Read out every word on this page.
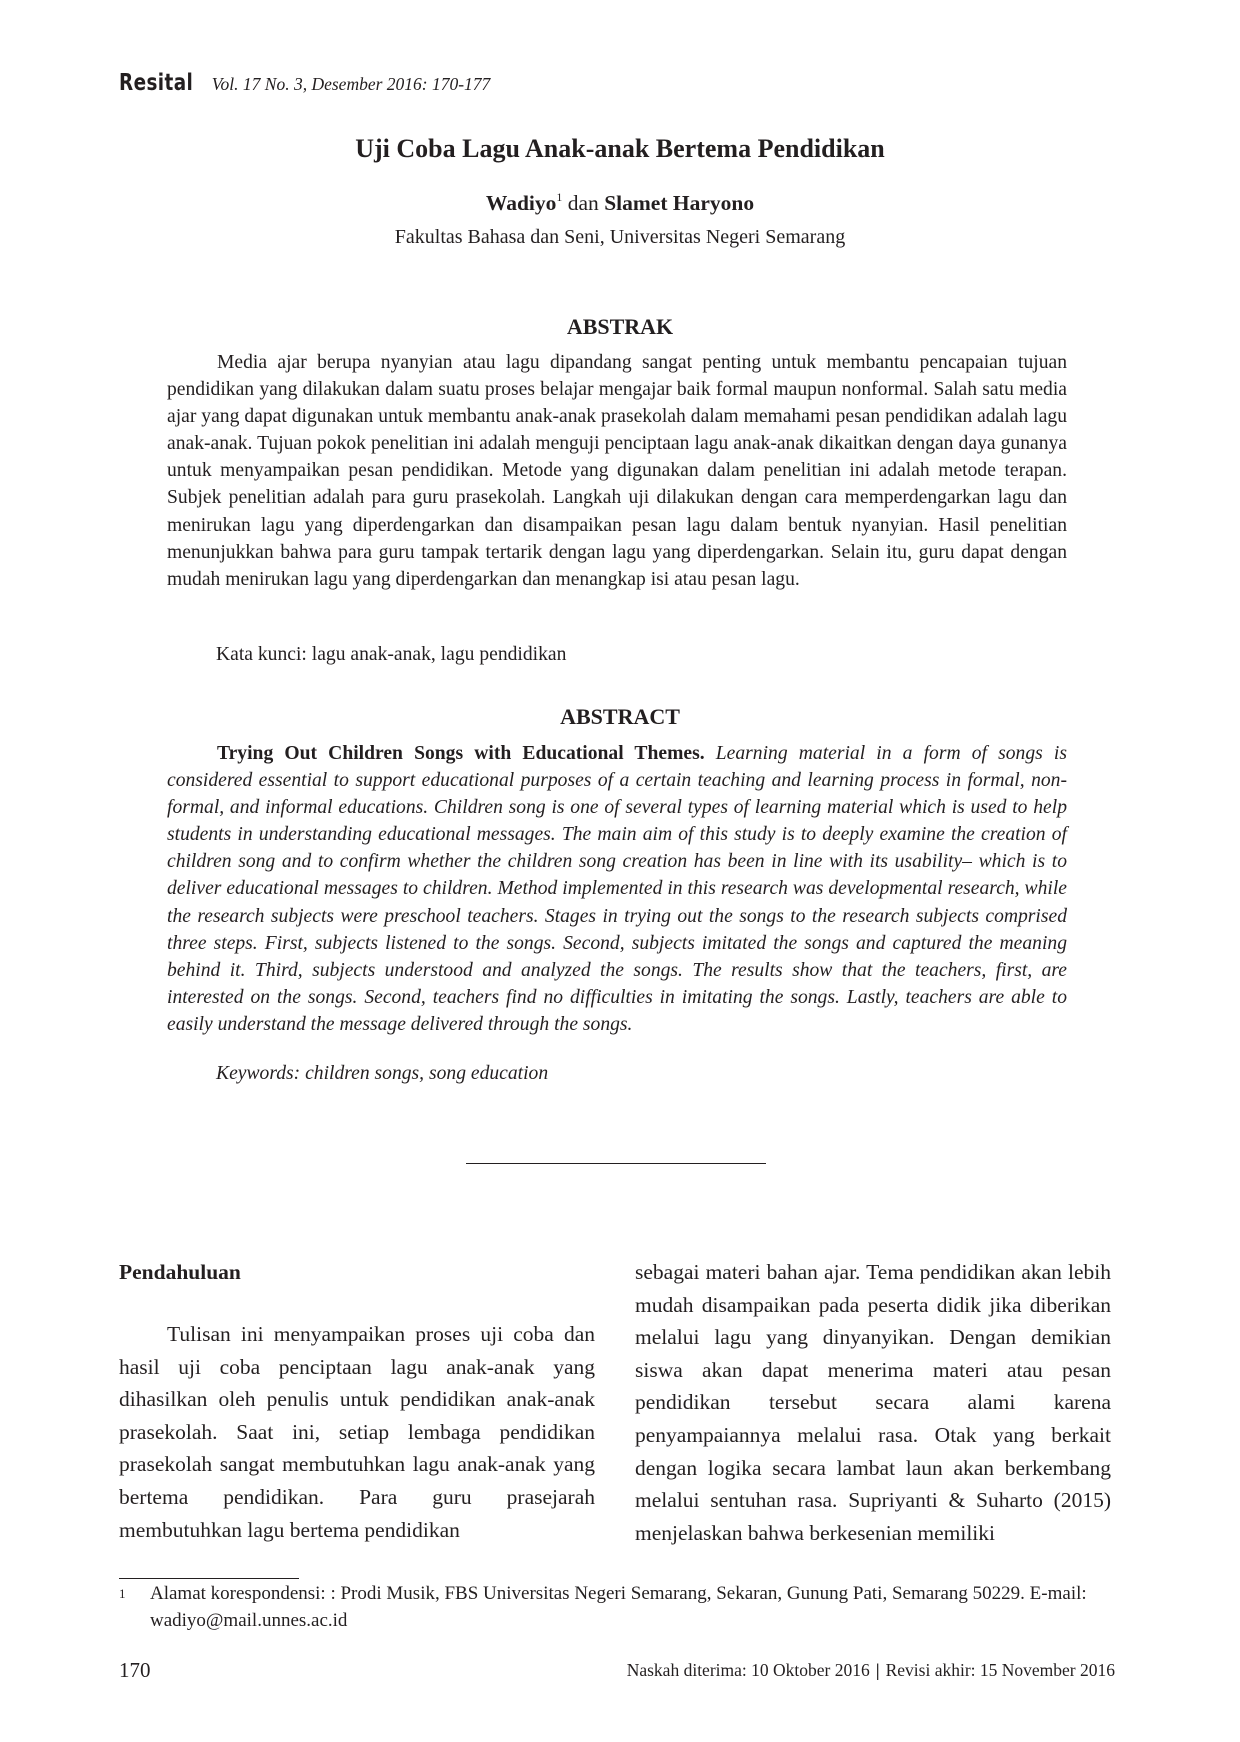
Resital Vol. 17 No. 3, Desember 2016: 170-177
Uji Coba Lagu Anak-anak Bertema Pendidikan
Wadiyo$^1$ dan Slamet Haryono
Fakultas Bahasa dan Seni, Universitas Negeri Semarang
ABSTRAK

Media ajar berupa nyanyian atau lagu dipandang sangat penting untuk membantu pencapaian tujuan pendidikan yang dilakukan dalam suatu proses belajar mengajar baik formal maupun nonformal. Salah satu media ajar yang dapat digunakan untuk membantu anak-anak prasekolah dalam memahami pesan pendidikan adalah lagu anak-anak. Tujuan pokok penelitian ini adalah menguji penciptaan lagu anak-anak dikaitkan dengan daya gunanya untuk menyampaikan pesan pendidikan. Metode yang digunakan dalam penelitian ini adalah metode terapan. Subjek penelitian adalah para guru prasekolah. Langkah uji dilakukan dengan cara memperdengarkan lagu dan menirukan lagu yang diperdengarkan dan disampaikan pesan lagu dalam bentuk nyanyian. Hasil penelitian menunjukkan bahwa para guru tampak tertarik dengan lagu yang diperdengarkan. Selain itu, guru dapat dengan mudah menirukan lagu yang diperdengarkan dan menangkap isi atau pesan lagu.

Kata kunci: lagu anak-anak, lagu pendidikan
ABSTRACT

Trying Out Children Songs with Educational Themes. Learning material in a form of songs is considered essential to support educational purposes of a certain teaching and learning process in formal, non-formal, and informal educations. Children song is one of several types of learning material which is used to help students in understanding educational messages. The main aim of this study is to deeply examine the creation of children song and to confirm whether the children song creation has been in line with its usability– which is to deliver educational messages to children. Method implemented in this research was developmental research, while the research subjects were preschool teachers. Stages in trying out the songs to the research subjects comprised three steps. First, subjects listened to the songs. Second, subjects imitated the songs and captured the meaning behind it. Third, subjects understood and analyzed the songs. The results show that the teachers, first, are interested on the songs. Second, teachers find no difficulties in imitating the songs. Lastly, teachers are able to easily understand the message delivered through the songs.

Keywords: children songs, song education
Pendahuluan

Tulisan ini menyampaikan proses uji coba dan hasil uji coba penciptaan lagu anak-anak yang dihasilkan oleh penulis untuk pendidikan anak-anak prasekolah. Saat ini, setiap lembaga pendidikan prasekolah sangat membutuhkan lagu anak-anak yang bertema pendidikan. Para guru prasejarah membutuhkan lagu bertema pendidikan

sebagai materi bahan ajar. Tema pendidikan akan lebih mudah disampaikan pada peserta didik jika diberikan melalui lagu yang dinyanyikan. Dengan demikian siswa akan dapat menerima materi atau pesan pendidikan tersebut secara alami karena penyampaiannya melalui rasa. Otak yang berkait dengan logika secara lambat laun akan berkembang melalui sentuhan rasa. Supriyanti & Suharto (2015) menjelaskan bahwa berkesenian memiliki

1 Alamat korespondensi: : Prodi Musik, FBS Universitas Negeri Semarang, Sekaran, Gunung Pati, Semarang 50229. E-mail: wadiyo@mail.unnes.ac.id
170	Naskah diterima: 10 Oktober 2016 | Revisi akhir: 15 November 2016
